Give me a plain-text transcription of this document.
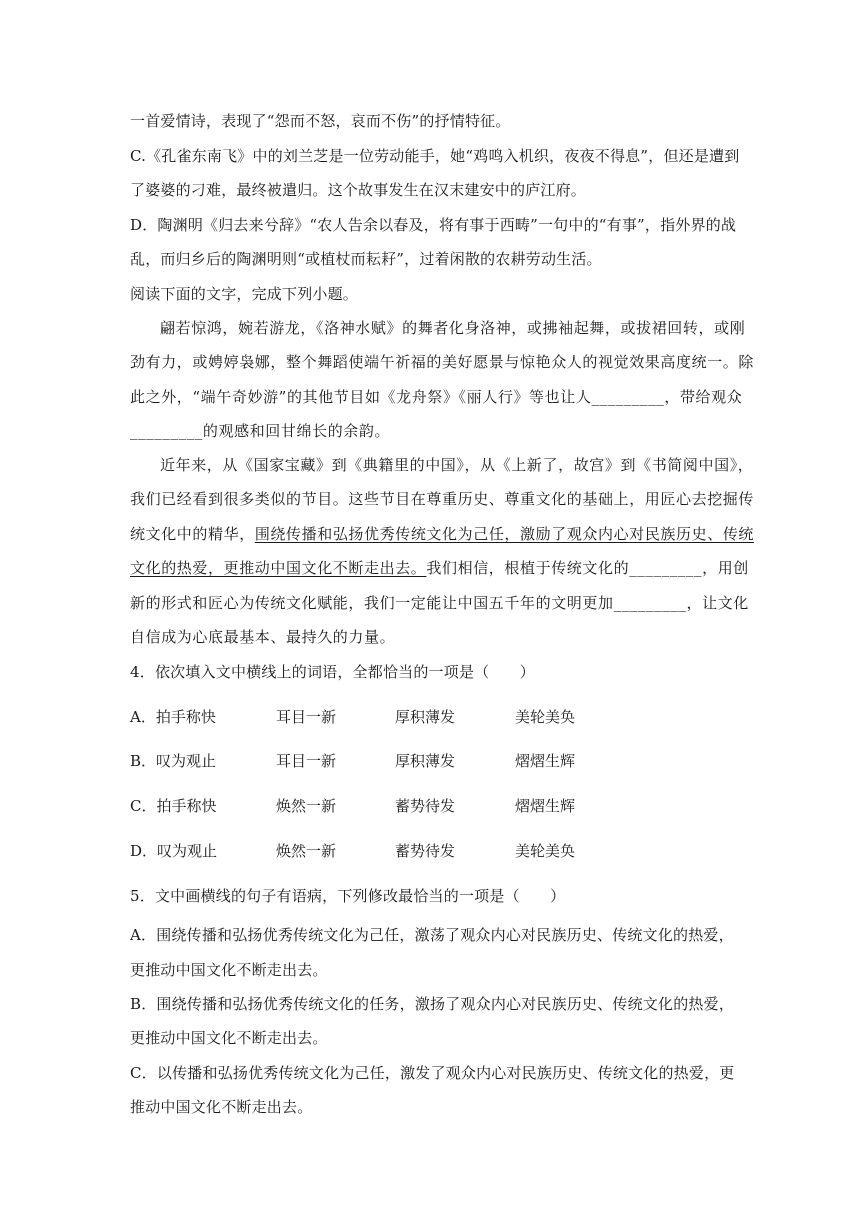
一首爱情诗，表现了“怨而不怒，哀而不伤”的抒情特征。
C.《孔雀东南飞》中的刘兰芝是一位劳动能手，她“鸡鸣入机织，夜夜不得息”，但还是遭到
了婆婆的刁难，最终被遣归。这个故事发生在汉末建安中的庐江府。
D．陶渊明《归去来兮辞》“农人告余以春及，将有事于西畴”一句中的“有事”，指外界的战
乱，而归乡后的陶渊明则“或植杖而耘耔”，过着闲散的农耕劳动生活。
阅读下面的文字，完成下列小题。
翩若惊鸿，婉若游龙，《洛神水赋》的舞者化身洛神，或拂袖起舞，或拔裙回转，或刚
劲有力，或娉婷袅娜，整个舞蹈使端午祈福的美好愿景与惊艳众人的视觉效果高度统一。除
此之外，“端午奇妙游”的其他节目如《龙舟祭》《丽人行》等也让人_________，带给观众
_________的观感和回甘绵长的余韵。
近年来，从《国家宝藏》到《典籍里的中国》，从《上新了，故宫》到《书简阅中国》，
我们已经看到很多类似的节目。这些节目在尊重历史、尊重文化的基础上，用匠心去挖掘传
统文化中的精华，围绕传播和弘扬优秀传统文化为己任，激励了观众内心对民族历史、传统
文化的热爱，更推动中国文化不断走出去。我们相信，根植于传统文化的_________，用创
新的形式和匠心为传统文化赋能，我们一定能让中国五千年的文明更加_________，让文化
自信成为心底最基本、最持久的力量。
4．依次填入文中横线上的词语，全都恰当的一项是（　　）
A．拍手称快	耳目一新	厚积薄发	美轮美奂
B．叹为观止	耳目一新	厚积薄发	熠熠生辉
C．拍手称快	焕然一新	蓄势待发	熠熠生辉
D．叹为观止	焕然一新	蓄势待发	美轮美奂
5．文中画横线的句子有语病，下列修改最恰当的一项是（　　）
A．围绕传播和弘扬优秀传统文化为己任，激荡了观众内心对民族历史、传统文化的热爱，
更推动中国文化不断走出去。
B．围绕传播和弘扬优秀传统文化的任务，激扬了观众内心对民族历史、传统文化的热爱，
更推动中国文化不断走出去。
C．以传播和弘扬优秀传统文化为己任，激发了观众内心对民族历史、传统文化的热爱，更
推动中国文化不断走出去。
